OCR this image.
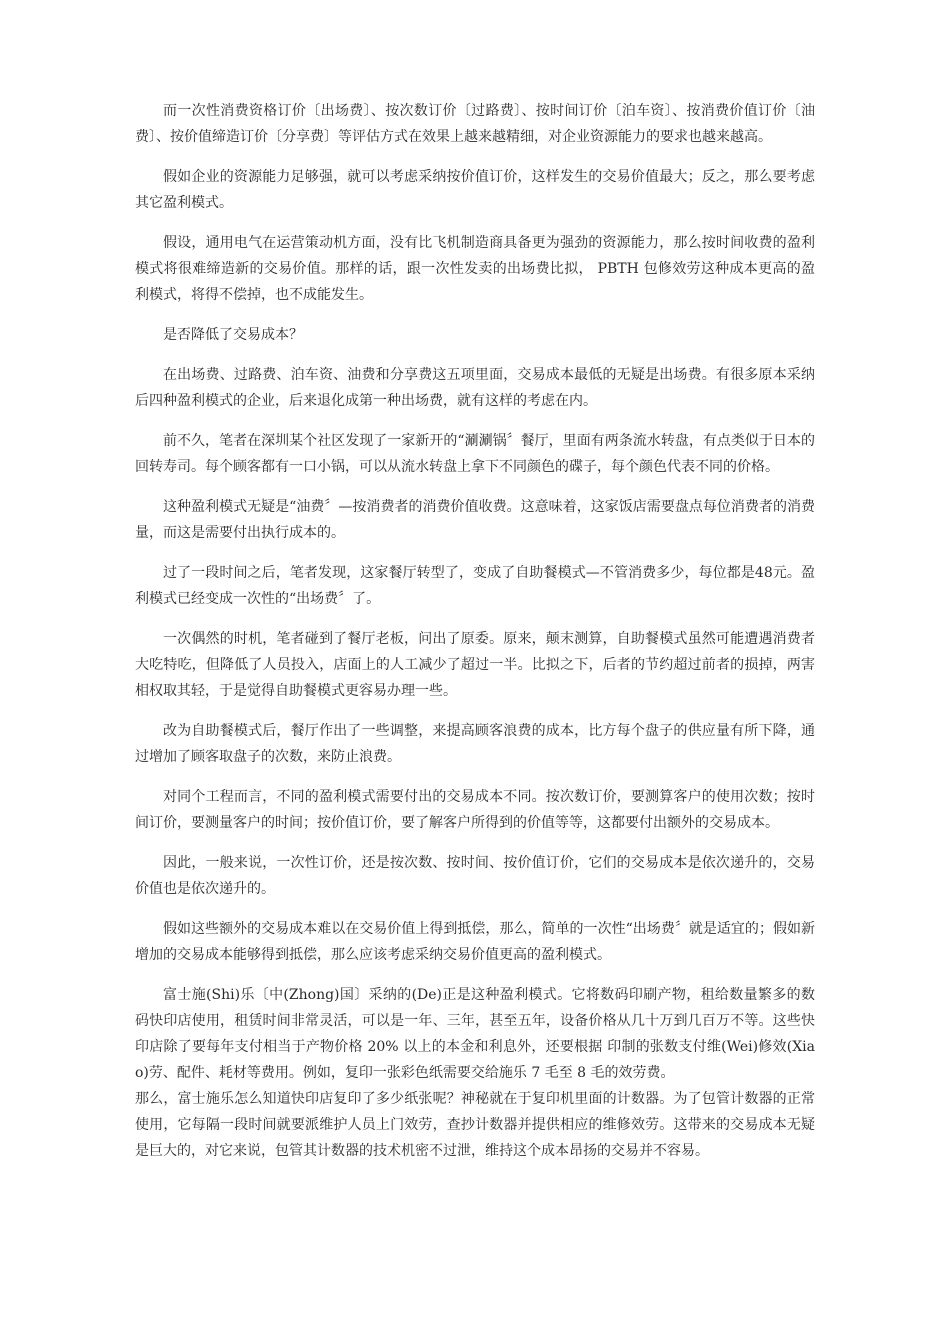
而一次性消费资格订价〔出场费〕、按次数订价〔过路费〕、按时间订价〔泊车资〕、按消费价值订价〔油费〕、按价值缔造订价〔分享费〕等评估方式在效果上越来越精细，对企业资源能力的要求也越来越高。

假如企业的资源能力足够强，就可以考虑采纳按价值订价，这样发生的交易价值最大；反之，那么要考虑其它盈利模式。

假设，通用电气在运营策动机方面，没有比飞机制造商具备更为强劲的资源能力，那么按时间收费的盈利模式将很难缔造新的交易价值。那样的话，跟一次性发卖的出场费比拟， PBTH 包修效劳这种成本更高的盈利模式，将得不偿掉，也不成能发生。

是否降低了交易成本？

在出场费、过路费、泊车资、油费和分享费这五项里面，交易成本最低的无疑是出场费。有很多原本采纳后四种盈利模式的企业，后来退化成第一种出场费，就有这样的考虑在内。

前不久，笔者在深圳某个社区发现了一家新开的“涮涮锅〞餐厅，里面有两条流水转盘，有点类似于日本的回转寿司。每个顾客都有一口小锅，可以从流水转盘上拿下不同颜色的碟子，每个颜色代表不同的价格。

这种盈利模式无疑是“油费〞—按消费者的消费价值收费。这意味着，这家饭店需要盘点每位消费者的消费量，而这是需要付出执行成本的。

过了一段时间之后，笔者发现，这家餐厅转型了，变成了自助餐模式—不管消费多少，每位都是48元。盈利模式已经变成一次性的“出场费〞了。

一次偶然的时机，笔者碰到了餐厅老板，问出了原委。原来，颠末测算，自助餐模式虽然可能遭遇消费者大吃特吃，但降低了人员投入，店面上的人工减少了超过一半。比拟之下，后者的节约超过前者的损掉，两害相权取其轻，于是觉得自助餐模式更容易办理一些。

改为自助餐模式后，餐厅作出了一些调整，来提高顾客浪费的成本，比方每个盘子的供应量有所下降，通过增加了顾客取盘子的次数，来防止浪费。

对同个工程而言，不同的盈利模式需要付出的交易成本不同。按次数订价，要测算客户的使用次数；按时间订价，要测量客户的时间；按价值订价，要了解客户所得到的价值等等，这都要付出额外的交易成本。

因此，一般来说，一次性订价，还是按次数、按时间、按价值订价，它们的交易成本是依次递升的，交易价值也是依次递升的。

假如这些额外的交易成本难以在交易价值上得到抵偿，那么，简单的一次性“出场费〞就是适宜的；假如新增加的交易成本能够得到抵偿，那么应该考虑采纳交易价值更高的盈利模式。

富士施(Shi)乐〔中(Zhong)国〕采纳的(De)正是这种盈利模式。它将数码印刷产物，租给数量繁多的数码快印店使用，租赁时间非常灵活，可以是一年、三年，甚至五年，设备价格从几十万到几百万不等。这些快印店除了要每年支付相当于产物价格 20% 以上的本金和利息外，还要根据 印制的张数支付维(Wei)修效(Xiao)劳、配件、耗材等费用。例如，复印一张彩色纸需要交给施乐 7 毛至 8 毛的效劳费。

那么，富士施乐怎么知道快印店复印了多少纸张呢？神秘就在于复印机里面的计数器。为了包管计数器的正常使用，它每隔一段时间就要派维护人员上门效劳，查抄计数器并提供相应的维修效劳。这带来的交易成本无疑是巨大的，对它来说，包管其计数器的技术机密不过泄，维持这个成本昂扬的交易并不容易。
